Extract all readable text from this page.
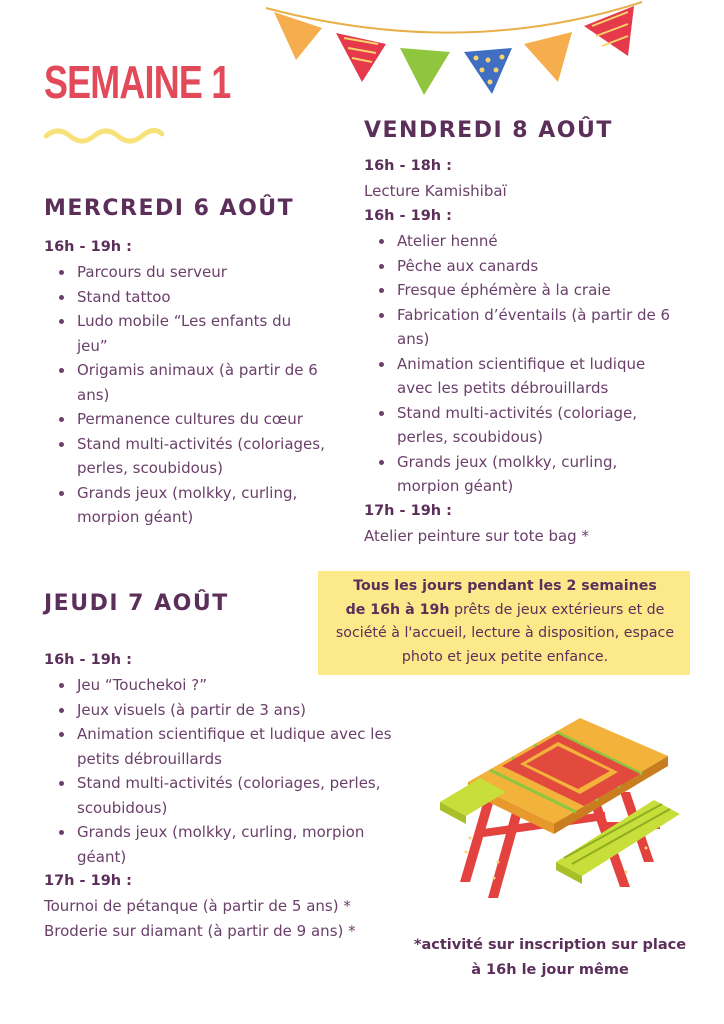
SEMAINE 1
MERCREDI 6 AOÛT
16h - 19h :
Parcours du serveur
Stand tattoo
Ludo mobile “Les enfants du jeu”
Origamis animaux (à partir de 6 ans)
Permanence cultures du cœur
Stand multi-activités (coloriages, perles, scoubidous)
Grands jeux (molkky, curling, morpion géant)
VENDREDI 8 AOÛT
16h - 18h :
Lecture Kamishibaï
16h - 19h :
Atelier henné
Pêche aux canards
Fresque éphémère à la craie
Fabrication d’éventails (à partir de 6 ans)
Animation scientifique et ludique avec les petits débrouillards
Stand multi-activités (coloriage, perles, scoubidous)
Grands jeux (molkky, curling, morpion géant)
17h - 19h :
Atelier peinture sur tote bag *
JEUDI 7 AOÛT
16h - 19h :
Jeu “Touchekoi ?”
Jeux visuels (à partir de 3 ans)
Animation scientifique et ludique avec les petits débrouillards
Stand multi-activités (coloriages, perles, scoubidous)
Grands jeux (molkky, curling, morpion géant)
17h - 19h :
Tournoi de pétanque (à partir de 5 ans) *
Broderie sur diamant (à partir de 9 ans) *
Tous les jours pendant les 2 semaines
de 16h à 19h prêts de jeux extérieurs et de société à l'accueil, lecture à disposition, espace photo et jeux petite enfance.
*activité sur inscription sur place à 16h le jour même
